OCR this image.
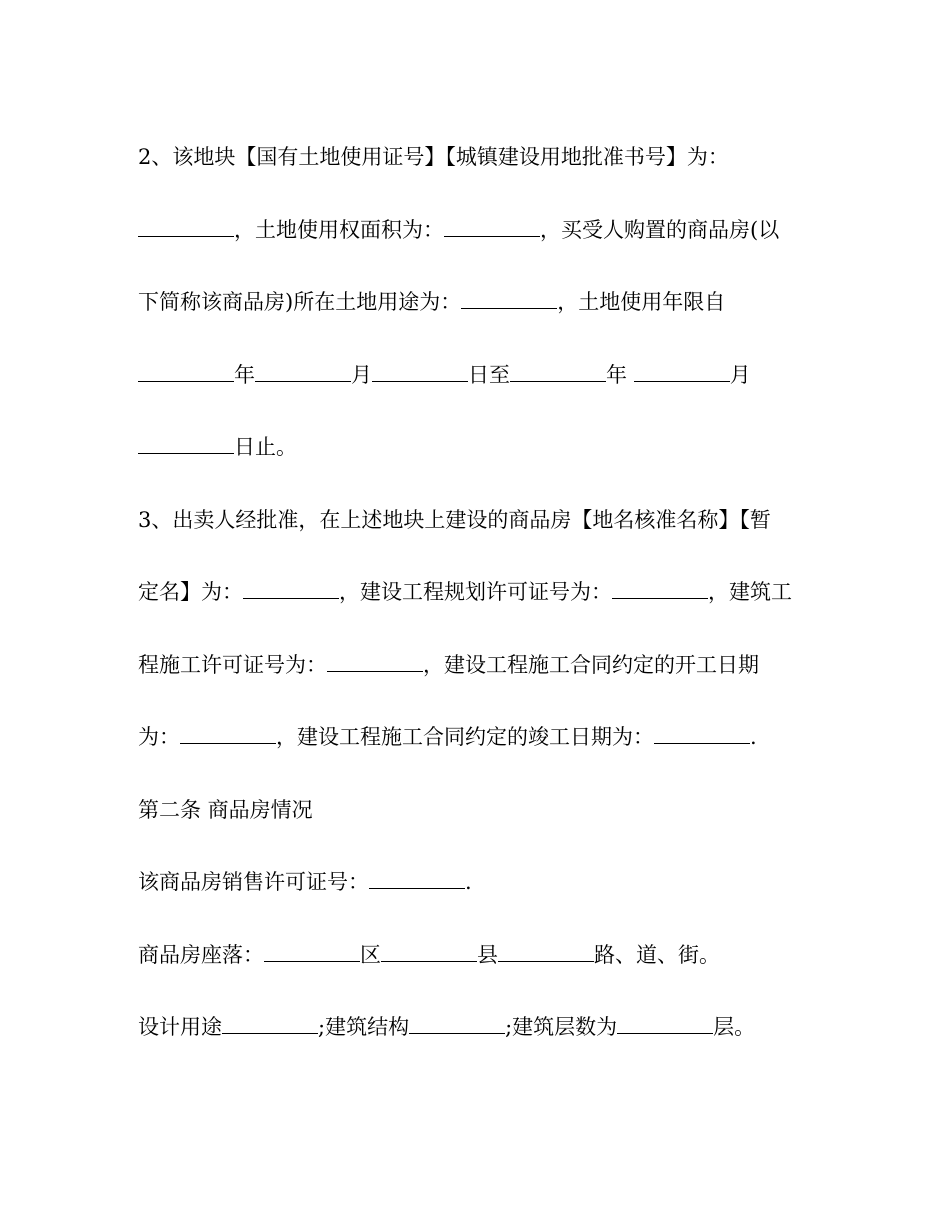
2、该地块【国有土地使用证号】【城镇建设用地批准书号】为：
，土地使用权面积为：	，买受人购置的商品房(以
下简称该商品房)所在土地用途为：	，土地使用年限自
年	月	日至	年	月
日止。
3、出卖人经批准，在上述地块上建设的商品房【地名核准名称】【暂
定名】为：	，建设工程规划许可证号为：	，建筑工
程施工许可证号为：	，建设工程施工合同约定的开工日期
为：	，建设工程施工合同约定的竣工日期为：	.
第二条 商品房情况
该商品房销售许可证号：	.
商品房座落：	区	县	路、道、街。
设计用途	;建筑结构	;建筑层数为	层。
